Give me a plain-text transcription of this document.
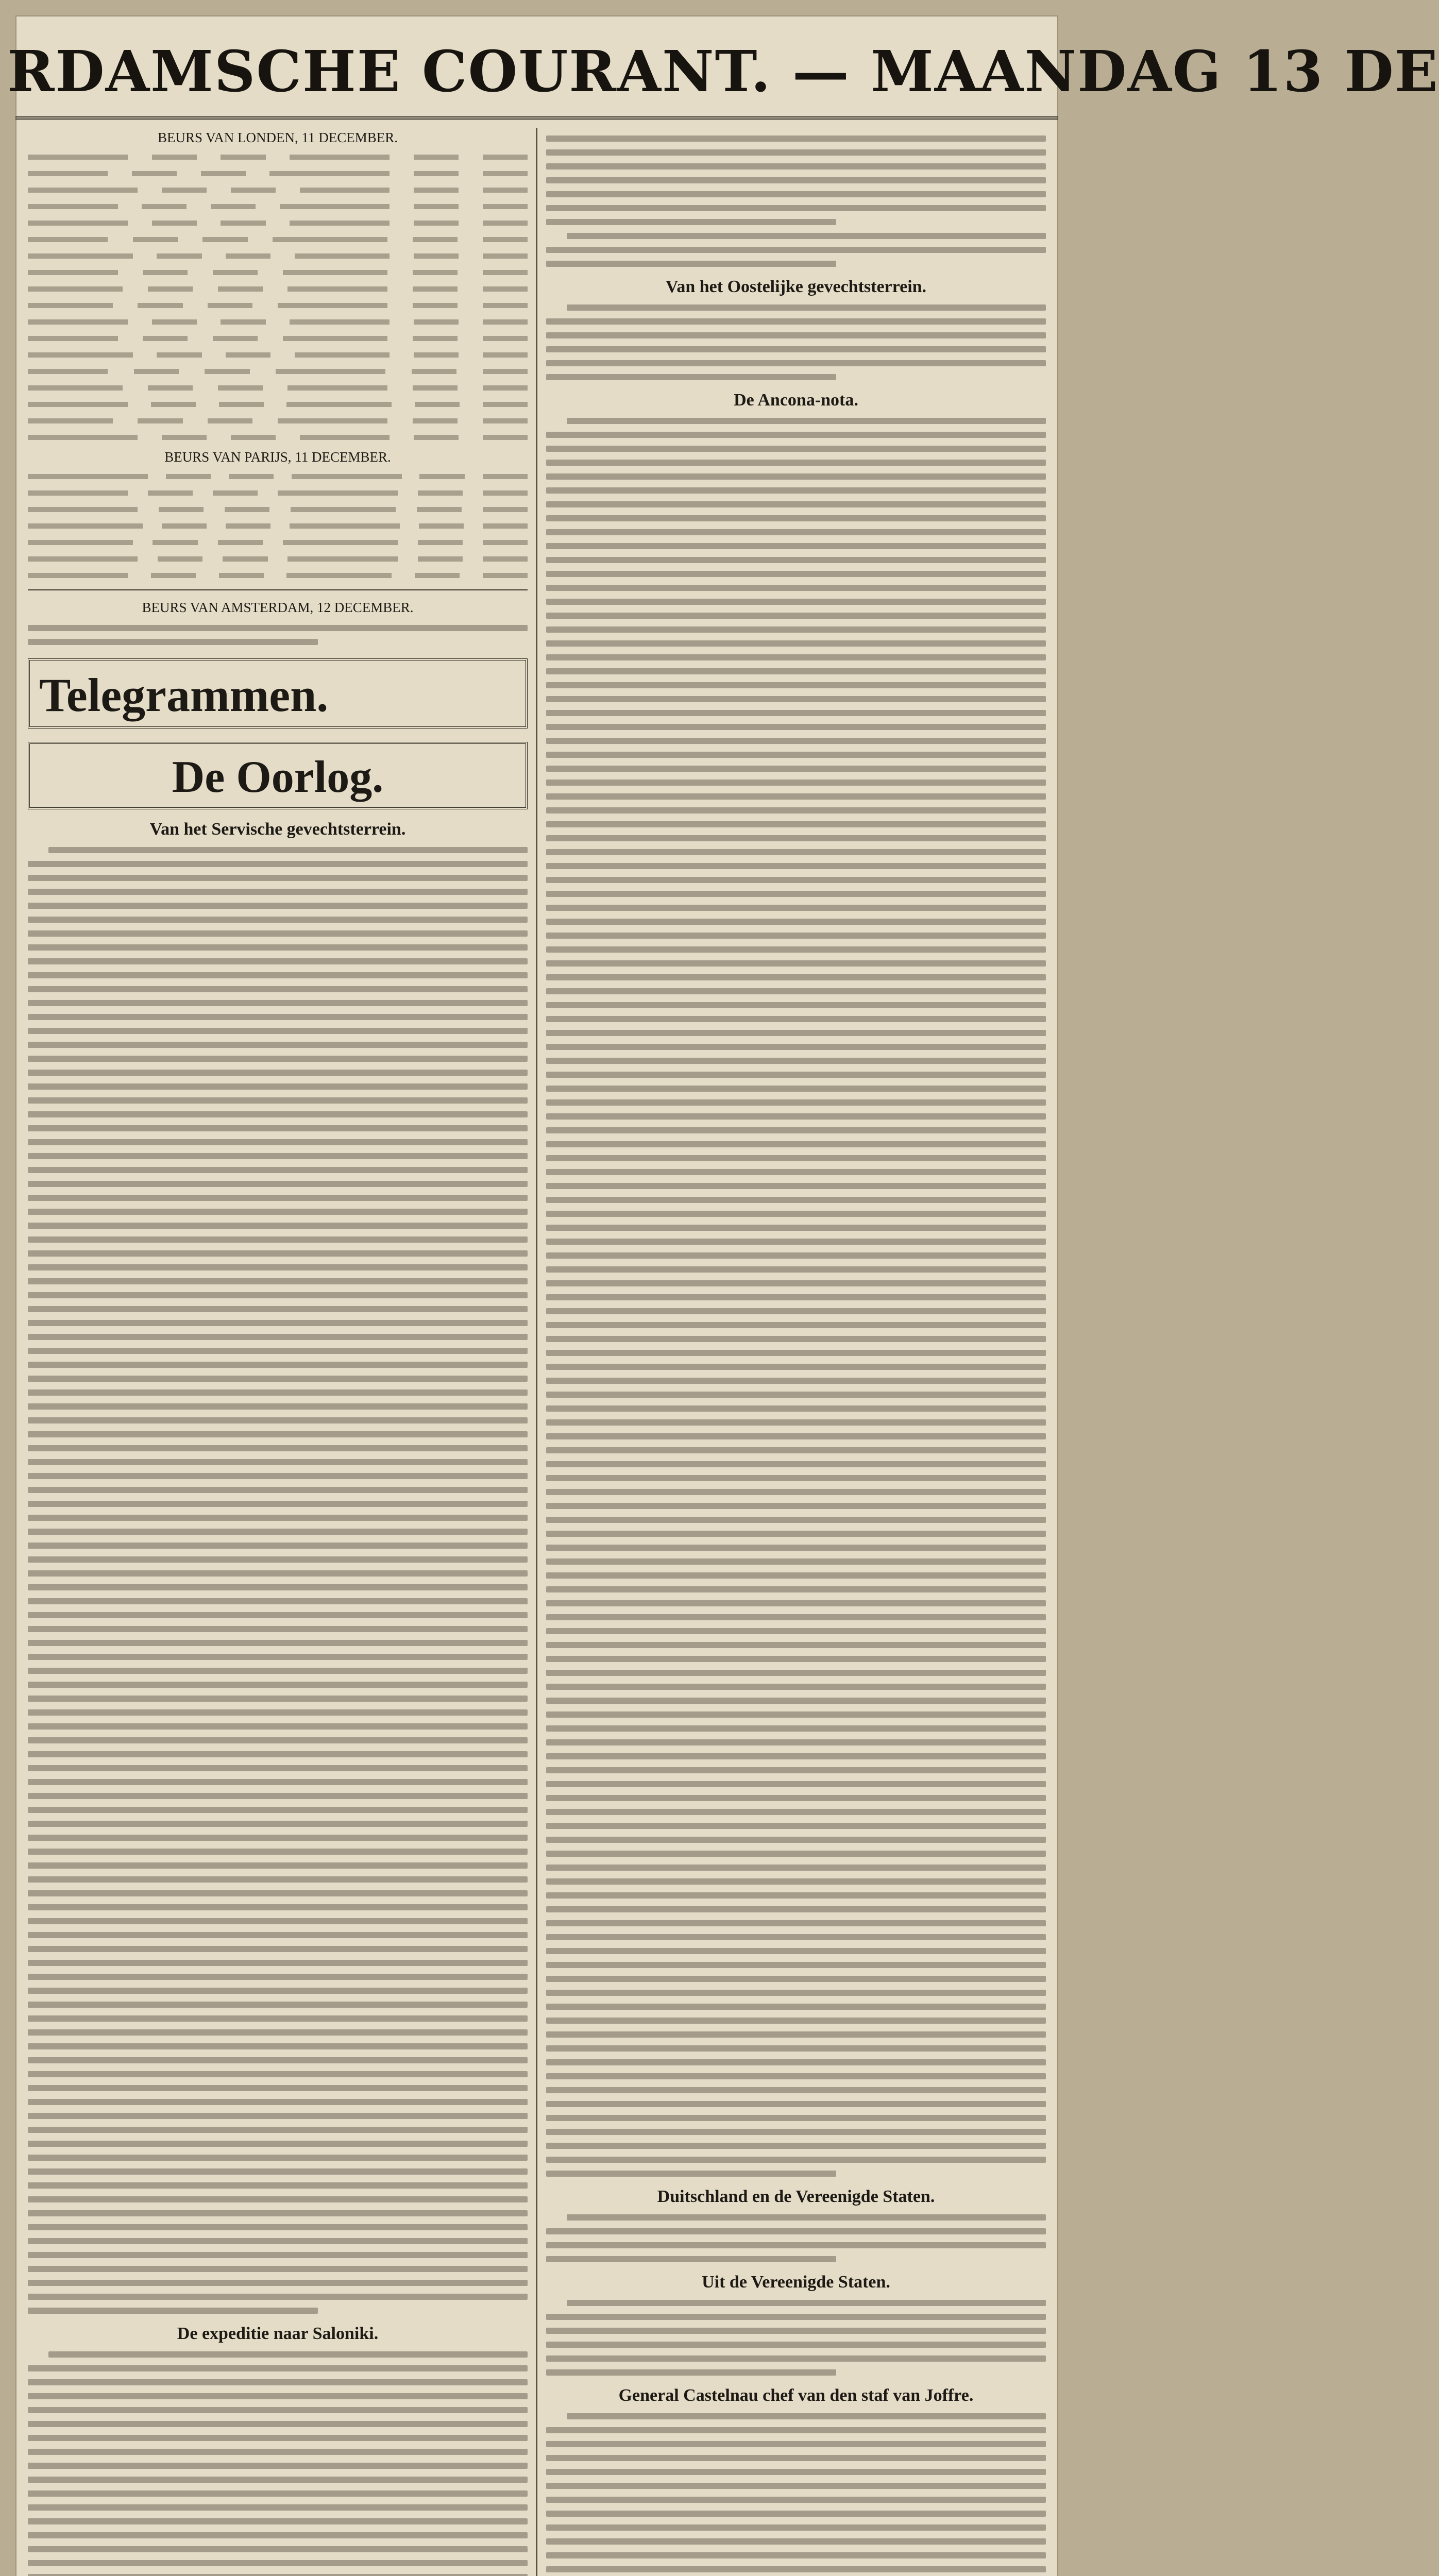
RDAMSCHE COURANT. — MAANDAG 13 DE
BEURS VAN LONDEN, 11 DECEMBER.
BEURS VAN PARIJS, 11 DECEMBER.
BEURS VAN AMSTERDAM, 12 DECEMBER.
Telegrammen.
De Oorlog.
Van het Servische gevechtsterrein.
De expeditie naar Saloniki.
Van het Oostelijke gevechtsterrein.
De Ancona-nota.
Duitschland en de Vereenigde Staten.
Uit de Vereenigde Staten.
General Castelnau chef van den staf van Joffre.
